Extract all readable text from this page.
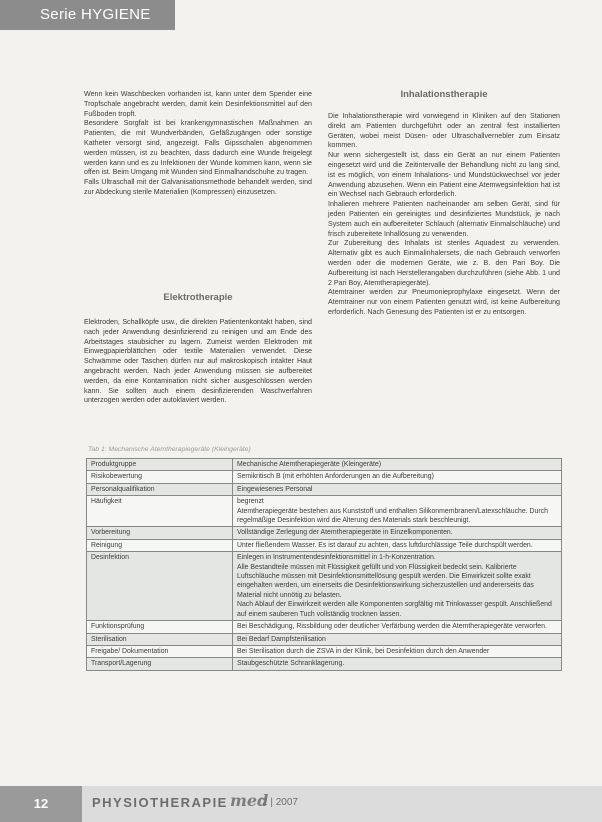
Serie HYGIENE

Wenn kein Waschbecken vorhanden ist, kann unter dem Spender eine Tropfschale angebracht werden, damit kein Desinfektionsmittel auf den Fußboden tropft.

Besondere Sorgfalt ist bei krankengymnastischen Maßnahmen an Patienten, die mit Wundverbänden, Gefäßzugängen oder sonstige Katheter versorgt sind, angezeigt. Falls Gipsschalen abgenommen werden müssen, ist zu beachten, dass dadurch eine Wunde freigelegt werden kann und es zu Infektionen der Wunde kommen kann, wenn sie offen ist. Beim Umgang mit Wunden sind Einmalhandschuhe zu tragen.

Falls Ultraschall mit der Galvanisationsmethode behandelt werden, sind zur Abdeckung sterile Materialien (Kompressen) einzusetzen.

Elektrotherapie

Elektroden, Schallköpfe usw., die direkten Patientenkontakt haben, sind nach jeder Anwendung desinfizierend zu reinigen und am Ende des Arbeitstages staubsicher zu lagern. Zumeist werden Elektroden mit Einwegpapierblättchen oder textile Materialien verwendet. Diese Schwämme oder Taschen dürfen nur auf makroskopisch intakter Haut angebracht werden. Nach jeder Anwendung müssen sie aufbereitet werden, da eine Kontamination nicht sicher ausgeschlossen werden kann. Sie sollten auch einem desinfizierenden Waschverfahren unterzogen werden oder autoklaviert werden.

Inhalationstherapie

Die Inhalationstherapie wird vorwiegend in Kliniken auf den Stationen direkt am Patienten durchgeführt oder an zentral fest installierten Geräten, wobei meist Düsen- oder Ultraschallvernebler zum Einsatz kommen.

Nur wenn sichergestellt ist, dass ein Gerät an nur einem Patienten eingesetzt wird und die Zeitintervalle der Behandlung nicht zu lang sind, ist es möglich, von einem Inhalations- und Mundstückwechsel vor jeder Anwendung abzusehen. Wenn ein Patient eine Atemwegsinfektion hat ist ein Wechsel nach Gebrauch erforderlich.

Inhalieren mehrere Patienten nacheinander am selben Gerät, sind für jeden Patienten ein gereinigtes und desinfiziertes Mundstück, je nach System auch ein aufbereiteter Schlauch (alternativ Einmalschläuche) und frisch zubereitete Inhallösung zu verwenden.

Zur Zubereitung des Inhalats ist steriles Aquadest zu verwenden. Alternativ gibt es auch Einmalinhalersets, die nach Gebrauch verworfen werden oder die modernen Geräte, wie z. B. den Pari Boy. Die Aufbereitung ist nach Herstellerangaben durchzuführen (siehe Abb. 1 und 2 Pari Boy, Atemtherapiegeräte).

Atemtrainer werden zur Pneumonieprophylaxe eingesetzt. Wenn der Atemtrainer nur von einem Patienten genutzt wird, ist keine Aufbereitung erforderlich. Nach Genesung des Patienten ist er zu entsorgen.

Tab 1: Mechanische Atemtherapiegeräte (Kleingeräte)
Produktgruppe	Mechanische Atemtherapiegeräte (Kleingeräte)
Risikobewertung	Semikritisch B (mit erhöhten Anforderungen an die Aufbereitung)
Personalqualifikation	Eingewiesenes Personal
Häufigkeit	begrenzt
Atemtherapiegeräte bestehen aus Kunststoff und enthalten Silikonmembranen/Latexschläuche. Durch regelmäßige Desinfektion wird die Alterung des Materials stark beschleunigt.
Vorbereitung	Vollständige Zerlegung der Atemtherapiegeräte in Einzelkomponenten.
Reinigung	Unter fließendem Wasser. Es ist darauf zu achten, dass luftdurchlässige Teile durchspült werden.
Desinfektion	Einlegen in Instrumentendesinfektionsmittel in 1-h-Konzentration.
Alle Bestandteile müssen mit Flüssigkeit gefüllt und von Flüssigkeit bedeckt sein. Kalibrierte Luftschläuche müssen mit Desinfektionsmittellösung gespült werden. Die Einwirkzeit sollte exakt eingehalten werden, um einerseits die Desinfektionswirkung sicherzustellen und andererseits das Material nicht unnötig zu belasten.
Nach Ablauf der Einwirkzeit werden alle Komponenten sorgfältig mit Trinkwasser gespült. Anschließend auf einem sauberen Tuch vollständig trocknen lassen.
Funktionsprüfung	Bei Beschädigung, Rissbildung oder deutlicher Verfärbung werden die Atemtherapiegeräte verworfen.
Sterilisation	Bei Bedarf Dampfsterilisation
Freigabe/ Dokumentation	Bei Sterilisation durch die ZSVA in der Klinik, bei Desinfektion durch den Anwender
Transport/Lagerung	Staubgeschützte Schranklagerung.
12	PHYSIOTHERAPIE med
2 | 2007
